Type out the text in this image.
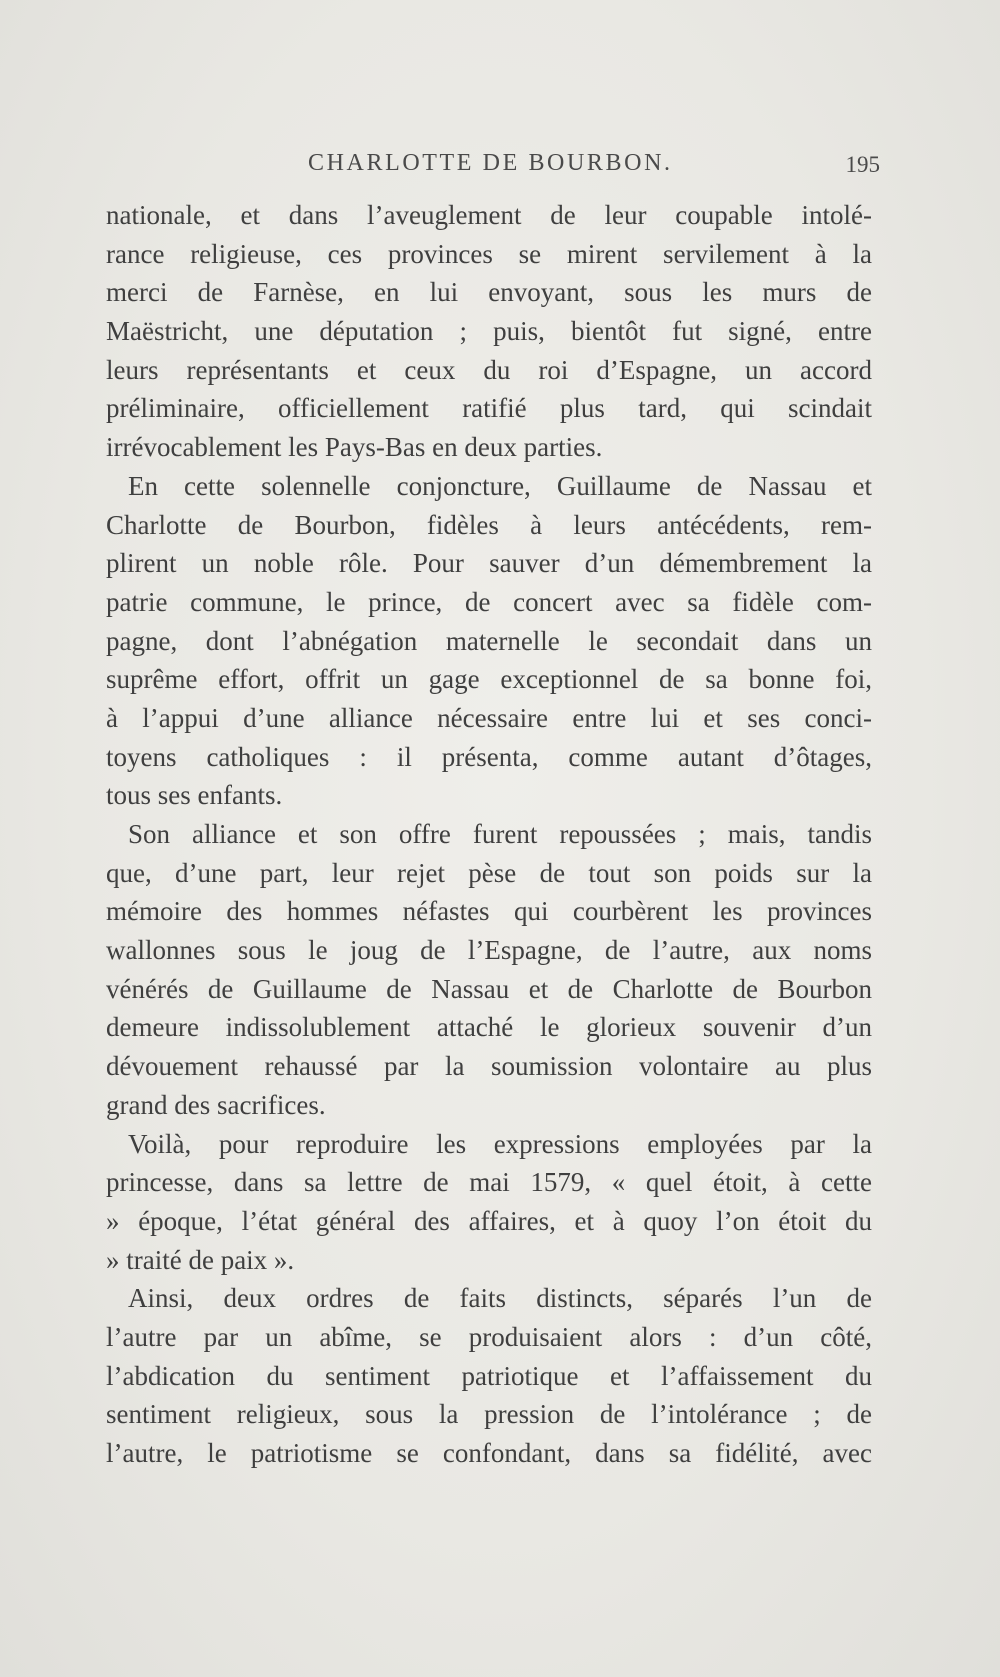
CHARLOTTE DE BOURBON.	195
nationale, et dans l’aveuglement de leur coupable intolé-
rance religieuse, ces provinces se mirent servilement à la
merci de Farnèse, en lui envoyant, sous les murs de
Maëstricht, une députation ; puis, bientôt fut signé, entre
leurs représentants et ceux du roi d’Espagne, un accord
préliminaire, officiellement ratifié plus tard, qui scindait
irrévocablement les Pays-Bas en deux parties.
En cette solennelle conjoncture, Guillaume de Nassau et
Charlotte de Bourbon, fidèles à leurs antécédents, rem-
plirent un noble rôle. Pour sauver d’un démembrement la
patrie commune, le prince, de concert avec sa fidèle com-
pagne, dont l’abnégation maternelle le secondait dans un
suprême effort, offrit un gage exceptionnel de sa bonne foi,
à l’appui d’une alliance nécessaire entre lui et ses conci-
toyens catholiques : il présenta, comme autant d’ôtages,
tous ses enfants.
Son alliance et son offre furent repoussées ; mais, tandis
que, d’une part, leur rejet pèse de tout son poids sur la
mémoire des hommes néfastes qui courbèrent les provinces
wallonnes sous le joug de l’Espagne, de l’autre, aux noms
vénérés de Guillaume de Nassau et de Charlotte de Bourbon
demeure indissolublement attaché le glorieux souvenir d’un
dévouement rehaussé par la soumission volontaire au plus
grand des sacrifices.
Voilà, pour reproduire les expressions employées par la
princesse, dans sa lettre de mai 1579, « quel étoit, à cette
» époque, l’état général des affaires, et à quoy l’on étoit du
» traité de paix ».
Ainsi, deux ordres de faits distincts, séparés l’un de
l’autre par un abîme, se produisaient alors : d’un côté,
l’abdication du sentiment patriotique et l’affaissement du
sentiment religieux, sous la pression de l’intolérance ; de
l’autre, le patriotisme se confondant, dans sa fidélité, avec
